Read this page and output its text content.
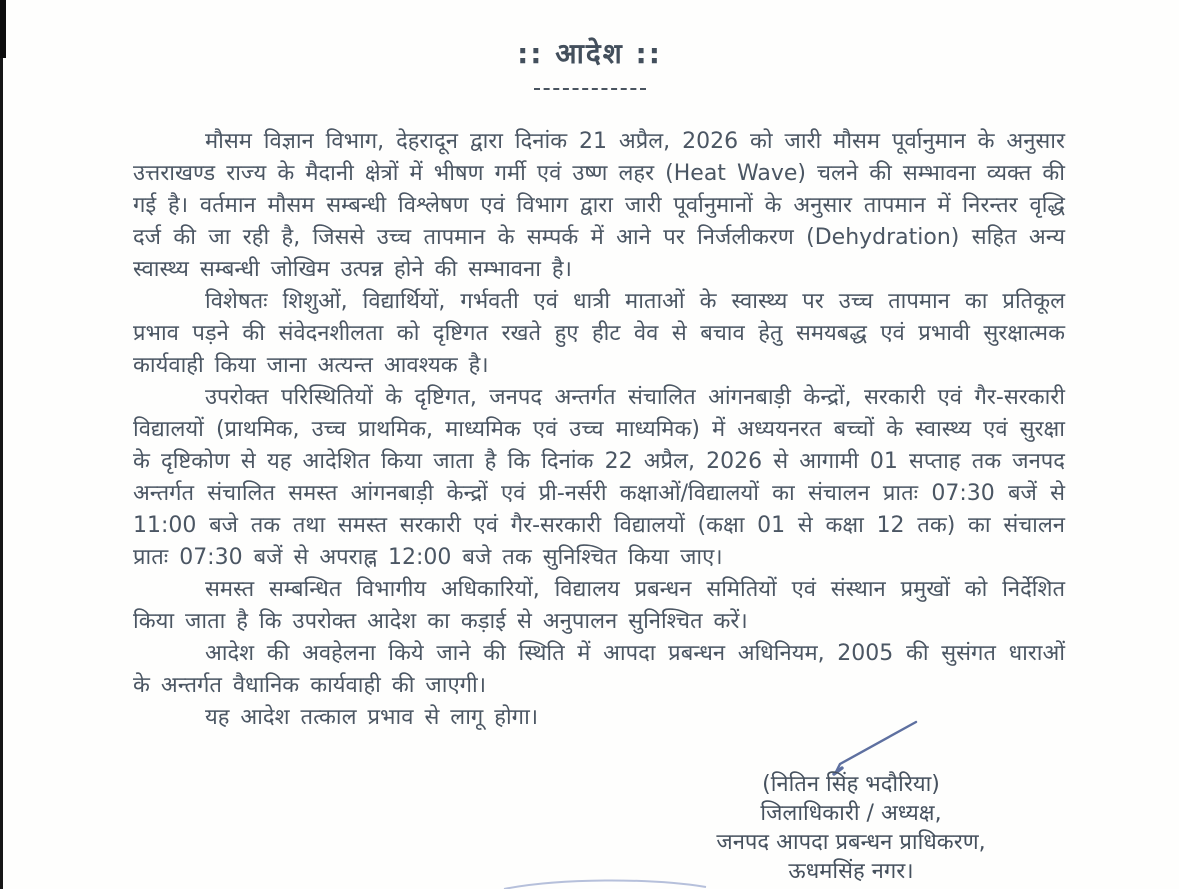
:: आदेश ::

मौसम विज्ञान विभाग, देहरादून द्वारा दिनांक 21 अप्रैल, 2026 को जारी मौसम पूर्वानुमान के अनुसार उत्तराखण्ड राज्य के मैदानी क्षेत्रों में भीषण गर्मी एवं उष्ण लहर (Heat Wave) चलने की सम्भावना व्यक्त की गई है। वर्तमान मौसम सम्बन्धी विश्लेषण एवं विभाग द्वारा जारी पूर्वानुमानों के अनुसार तापमान में निरन्तर वृद्धि दर्ज की जा रही है, जिससे उच्च तापमान के सम्पर्क में आने पर निर्जलीकरण (Dehydration) सहित अन्य स्वास्थ्य सम्बन्धी जोखिम उत्पन्न होने की सम्भावना है।

विशेषतः शिशुओं, विद्यार्थियों, गर्भवती एवं धात्री माताओं के स्वास्थ्य पर उच्च तापमान का प्रतिकूल प्रभाव पड़ने की संवेदनशीलता को दृष्टिगत रखते हुए हीट वेव से बचाव हेतु समयबद्ध एवं प्रभावी सुरक्षात्मक कार्यवाही किया जाना अत्यन्त आवश्यक है।

उपरोक्त परिस्थितियों के दृष्टिगत, जनपद अन्तर्गत संचालित आंगनबाड़ी केन्द्रों, सरकारी एवं गैर-सरकारी विद्यालयों (प्राथमिक, उच्च प्राथमिक, माध्यमिक एवं उच्च माध्यमिक) में अध्ययनरत बच्चों के स्वास्थ्य एवं सुरक्षा के दृष्टिकोण से यह आदेशित किया जाता है कि दिनांक 22 अप्रैल, 2026 से आगामी 01 सप्ताह तक जनपद अन्तर्गत संचालित समस्त आंगनबाड़ी केन्द्रों एवं प्री-नर्सरी कक्षाओं/विद्यालयों का संचालन प्रातः 07:30 बजें से 11:00 बजे तक तथा समस्त सरकारी एवं गैर-सरकारी विद्यालयों (कक्षा 01 से कक्षा 12 तक) का संचालन प्रातः 07:30 बजें से अपराह्न 12:00 बजे तक सुनिश्चित किया जाए।

समस्त सम्बन्धित विभागीय अधिकारियों, विद्यालय प्रबन्धन समितियों एवं संस्थान प्रमुखों को निर्देशित किया जाता है कि उपरोक्त आदेश का कड़ाई से अनुपालन सुनिश्चित करें।

आदेश की अवहेलना किये जाने की स्थिति में आपदा प्रबन्धन अधिनियम, 2005 की सुसंगत धाराओं के अन्तर्गत वैधानिक कार्यवाही की जाएगी।

यह आदेश तत्काल प्रभाव से लागू होगा।

(नितिन सिंह भदौरिया)
जिलाधिकारी / अध्यक्ष,
जनपद आपदा प्रबन्धन प्राधिकरण,
ऊधमसिंह नगर।
